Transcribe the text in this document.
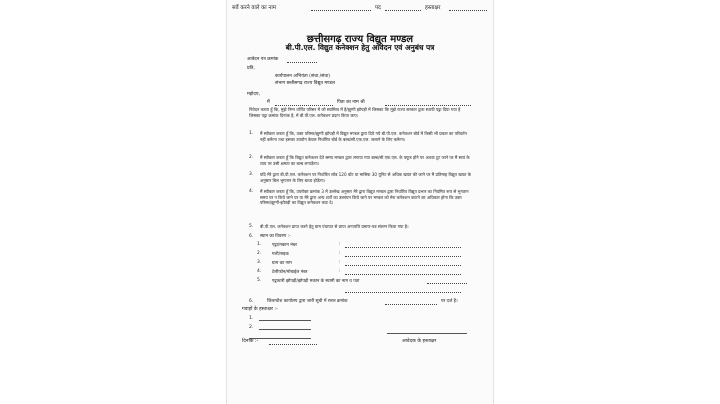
सर्वे करने वाले का नाम	पद	हस्ताक्षर
छत्तीसगढ़ राज्य विद्युत मण्डल
बी.पी.एल. विद्युत कनेक्शन हेतु आवेदन एवं अनुबंध पत्र
आवेदन पत्र क्रमांक
प्रति,
कार्यपालन अभियंता (संचा./संधा)
संभाग छत्तीसगढ़ राज्य विद्युत मण्डल
महोदय,
मैं	पिता का नाम श्री
निवेदन करता हूँ कि, मुझे निम्न वर्णित परिसर में जो स्वामित्व में है/झुग्गी झोपड़ी में जिसका कि मुझे राज्य सरकार द्वारा स्थायी पट्टा दिया गया है जिसका पट्टा क्रमांक दिनांक है, में बी.पी.एल. कनेक्शन प्रदान किया जाए।
1. मैं स्वीकार करता हूँ कि, उक्त परिसर/झुग्गी झोपड़ी में विद्युत मण्डल द्वारा दिये गये बी.पी.एल. कनेक्शन बोर्ड में किसी भी प्रकार का परिवर्तन नहीं करूँगा तथा इसका उपयोग केवल निर्धारित बोर्ड के बल्ब/सी.एफ.एल. जलाने के लिए करूँगा।
2. मैं स्वीकार करता हूँ कि विद्युत कनेक्शन देते समय मण्डल द्वारा लगाया गया बल्ब/सी.एफ.एल. के फ्यूज होने पर अथवा टूट जाने पर मैं स्वयं के व्यय पर उसी क्षमता का बल्ब लगाऊँगा।
3. यदि मेरे द्वारा बी.पी.एल. कनेक्शन पर निर्धारित लोड 120 वॉट या मासिक 30 यूनिट से अधिक खपत की जाने पर मैं प्रतिमाह विद्युत खपत के अनुसार बिल भुगतान के लिए बाध्य होऊँगा।
4. मैं स्वीकार करता हूँ कि, उपरोक्त क्रमांक 3 में उल्लेख अनुसार मेरे द्वारा विद्युत मण्डल द्वारा निर्धारित विद्युत प्रभार का नियमित रूप से भुगतान समय पर न किये जाने पर या मेरे द्वारा अन्य शर्तों का उल्लंघन किये जाने पर मण्डल को मेरा कनेक्शन काटने का अधिकार होगा कि उक्त परिसर/झुग्गी-झोपड़ी का विद्युत कनेक्शन काट दे।
5. बी.पी.एल. कनेक्शन प्राप्त करने हेतु ग्राम पंचायत से प्राप्त अनापत्ति प्रमाण-पत्र संलग्न किया गया है।
6. स्थान का विवरण :-
1. पट्टा/मकान नंबर	:
2. गली/सड़क	:
3. ग्राम का नाम	:
4. टेलीफोन/मोबाईल नंबर	:
5. पट्टाधारी झोपड़ी/झोपड़ी मकान के स्वामी का नाम व पता
6.	जिलाधीश कार्यालय द्वारा जारी सूची में सरल क्रमांक	पर दर्ज है।
गवाहों के हस्ताक्षर :-
1.
2.
दिनांक :-	आवेदक के हस्ताक्षर
